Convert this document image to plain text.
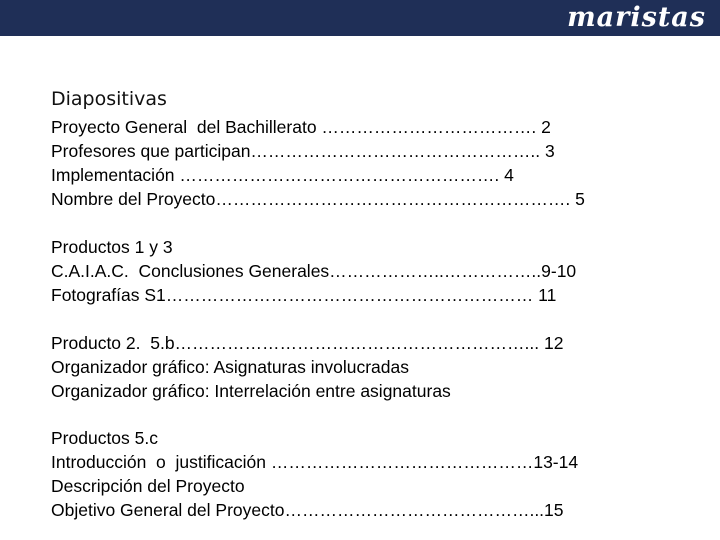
maristas
Diapositivas
Proyecto General  del Bachillerato ………………………………. 2
Profesores que participan………………………………………….. 3
Implementación ………………………………………………. 4
Nombre del Proyecto……………………………………………………. 5
Productos 1 y 3
C.A.I.A.C.  Conclusiones Generales………………..……………..9-10
Fotografías S1……………………………………………………… 11
Producto 2.  5.b……………………………………………………... 12
Organizador gráfico: Asignaturas involucradas
Organizador gráfico: Interrelación entre asignaturas
Productos 5.c
Introducción  o  justificación ………………………………………13-14
Descripción del Proyecto
Objetivo General del Proyecto……………………………………...15
